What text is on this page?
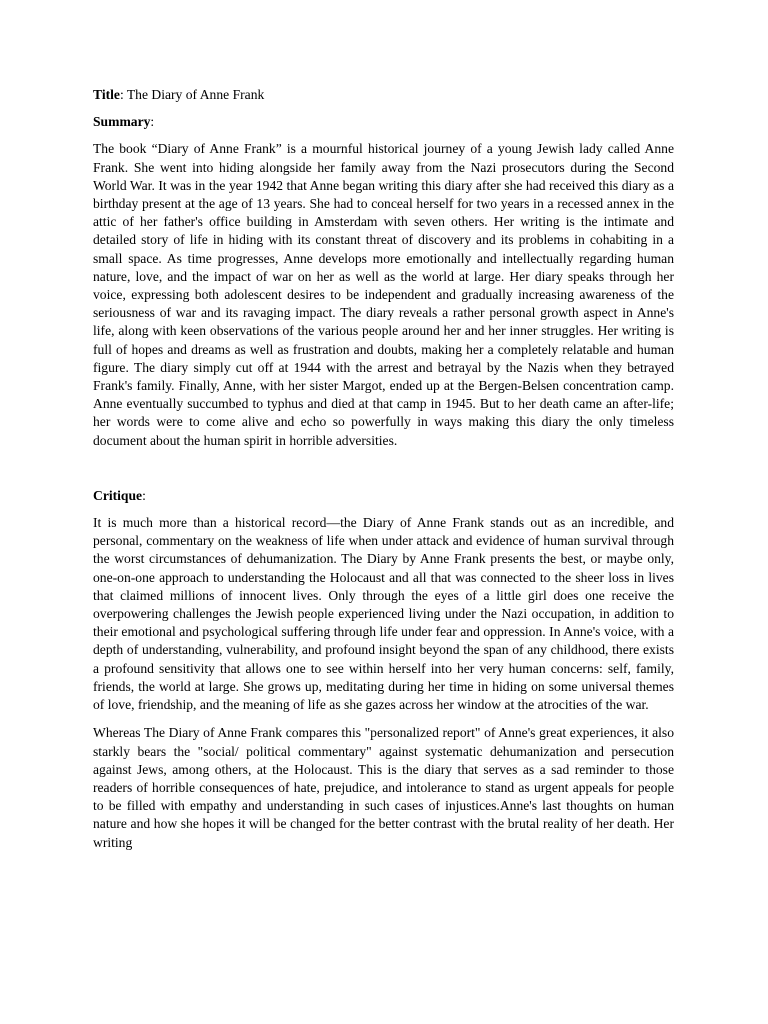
Title: The Diary of Anne Frank

Summary:

The book “Diary of Anne Frank” is a mournful historical journey of a young Jewish lady called Anne Frank. She went into hiding alongside her family away from the Nazi prosecutors during the Second World War. It was in the year 1942 that Anne began writing this diary after she had received this diary as a birthday present at the age of 13 years. She had to conceal herself for two years in a recessed annex in the attic of her father's office building in Amsterdam with seven others. Her writing is the intimate and detailed story of life in hiding with its constant threat of discovery and its problems in cohabiting in a small space. As time progresses, Anne develops more emotionally and intellectually regarding human nature, love, and the impact of war on her as well as the world at large. Her diary speaks through her voice, expressing both adolescent desires to be independent and gradually increasing awareness of the seriousness of war and its ravaging impact. The diary reveals a rather personal growth aspect in Anne's life, along with keen observations of the various people around her and her inner struggles. Her writing is full of hopes and dreams as well as frustration and doubts, making her a completely relatable and human figure. The diary simply cut off at 1944 with the arrest and betrayal by the Nazis when they betrayed Frank's family. Finally, Anne, with her sister Margot, ended up at the Bergen-Belsen concentration camp. Anne eventually succumbed to typhus and died at that camp in 1945. But to her death came an after-life; her words were to come alive and echo so powerfully in ways making this diary the only timeless document about the human spirit in horrible adversities.

Critique:

It is much more than a historical record—the Diary of Anne Frank stands out as an incredible, and personal, commentary on the weakness of life when under attack and evidence of human survival through the worst circumstances of dehumanization. The Diary by Anne Frank presents the best, or maybe only, one-on-one approach to understanding the Holocaust and all that was connected to the sheer loss in lives that claimed millions of innocent lives. Only through the eyes of a little girl does one receive the overpowering challenges the Jewish people experienced living under the Nazi occupation, in addition to their emotional and psychological suffering through life under fear and oppression. In Anne's voice, with a depth of understanding, vulnerability, and profound insight beyond the span of any childhood, there exists a profound sensitivity that allows one to see within herself into her very human concerns: self, family, friends, the world at large. She grows up, meditating during her time in hiding on some universal themes of love, friendship, and the meaning of life as she gazes across her window at the atrocities of the war.

Whereas The Diary of Anne Frank compares this "personalized report" of Anne's great experiences, it also starkly bears the "social/ political commentary" against systematic dehumanization and persecution against Jews, among others, at the Holocaust. This is the diary that serves as a sad reminder to those readers of horrible consequences of hate, prejudice, and intolerance to stand as urgent appeals for people to be filled with empathy and understanding in such cases of injustices.Anne's last thoughts on human nature and how she hopes it will be changed for the better contrast with the brutal reality of her death. Her writing
